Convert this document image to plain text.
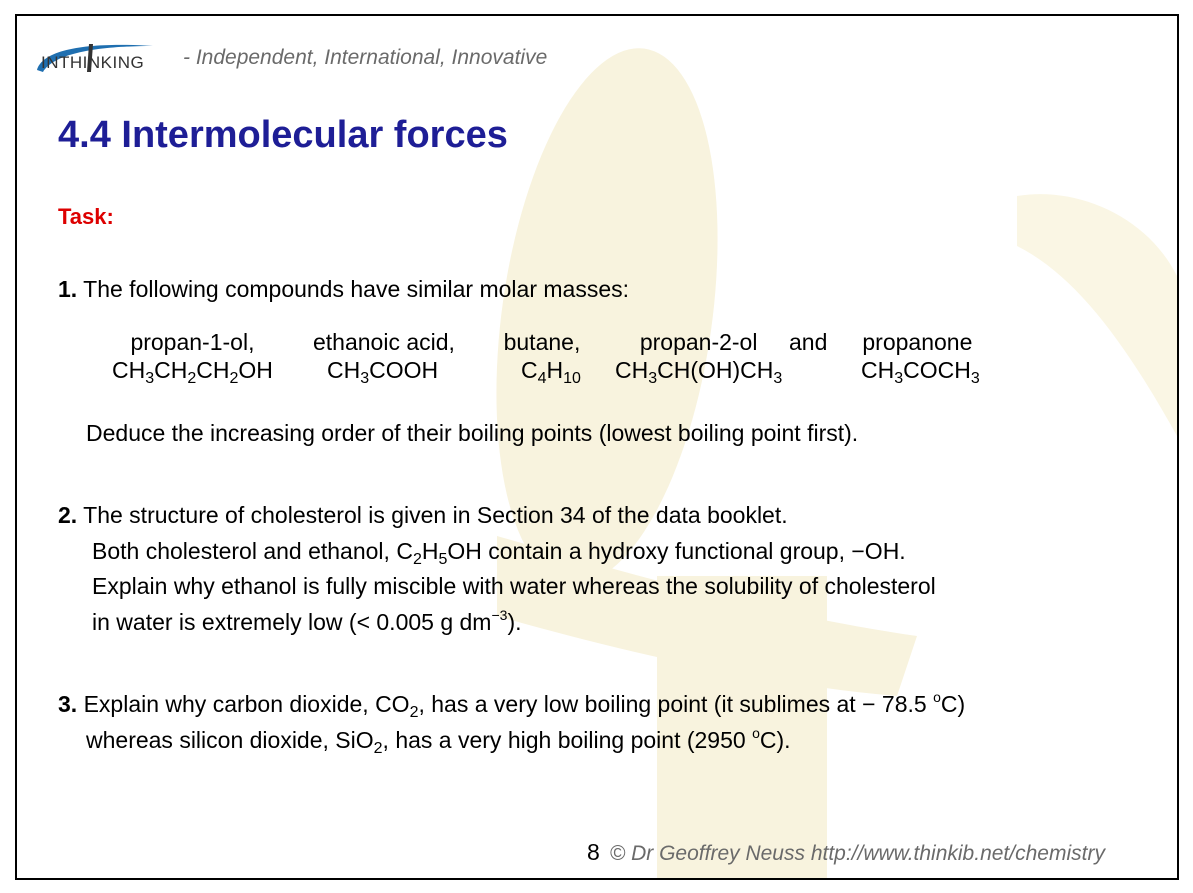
INTHINKING - Independent, International, Innovative
4.4 Intermolecular forces
Task:
1. The following compounds have similar molar masses:
propan-1-ol,
$CH_3CH_2CH_2OH$
ethanoic acid,
$CH_3COOH$
butane,
$C_4H_{10}$
propan-2-ol
$CH_3CH(OH)CH_3$
and	propanone
$CH_3COCH_3$
Deduce the increasing order of their boiling points (lowest boiling point first).
2. The structure of cholesterol is given in Section 34 of the data booklet.
Both cholesterol and ethanol, $C_2H_5OH$ contain a hydroxy functional group, −OH.
Explain why ethanol is fully miscible with water whereas the solubility of cholesterol
in water is extremely low (< 0.005 g $dm^{-3}$).
3. Explain why carbon dioxide, $CO_2$, has a very low boiling point (it sublimes at − 78.5 $^o$C)
whereas silicon dioxide, SiO$_2$, has a very high boiling point (2950 $^o$C).
8 © Dr Geoffrey Neuss http://www.thinkib.net/chemistry
